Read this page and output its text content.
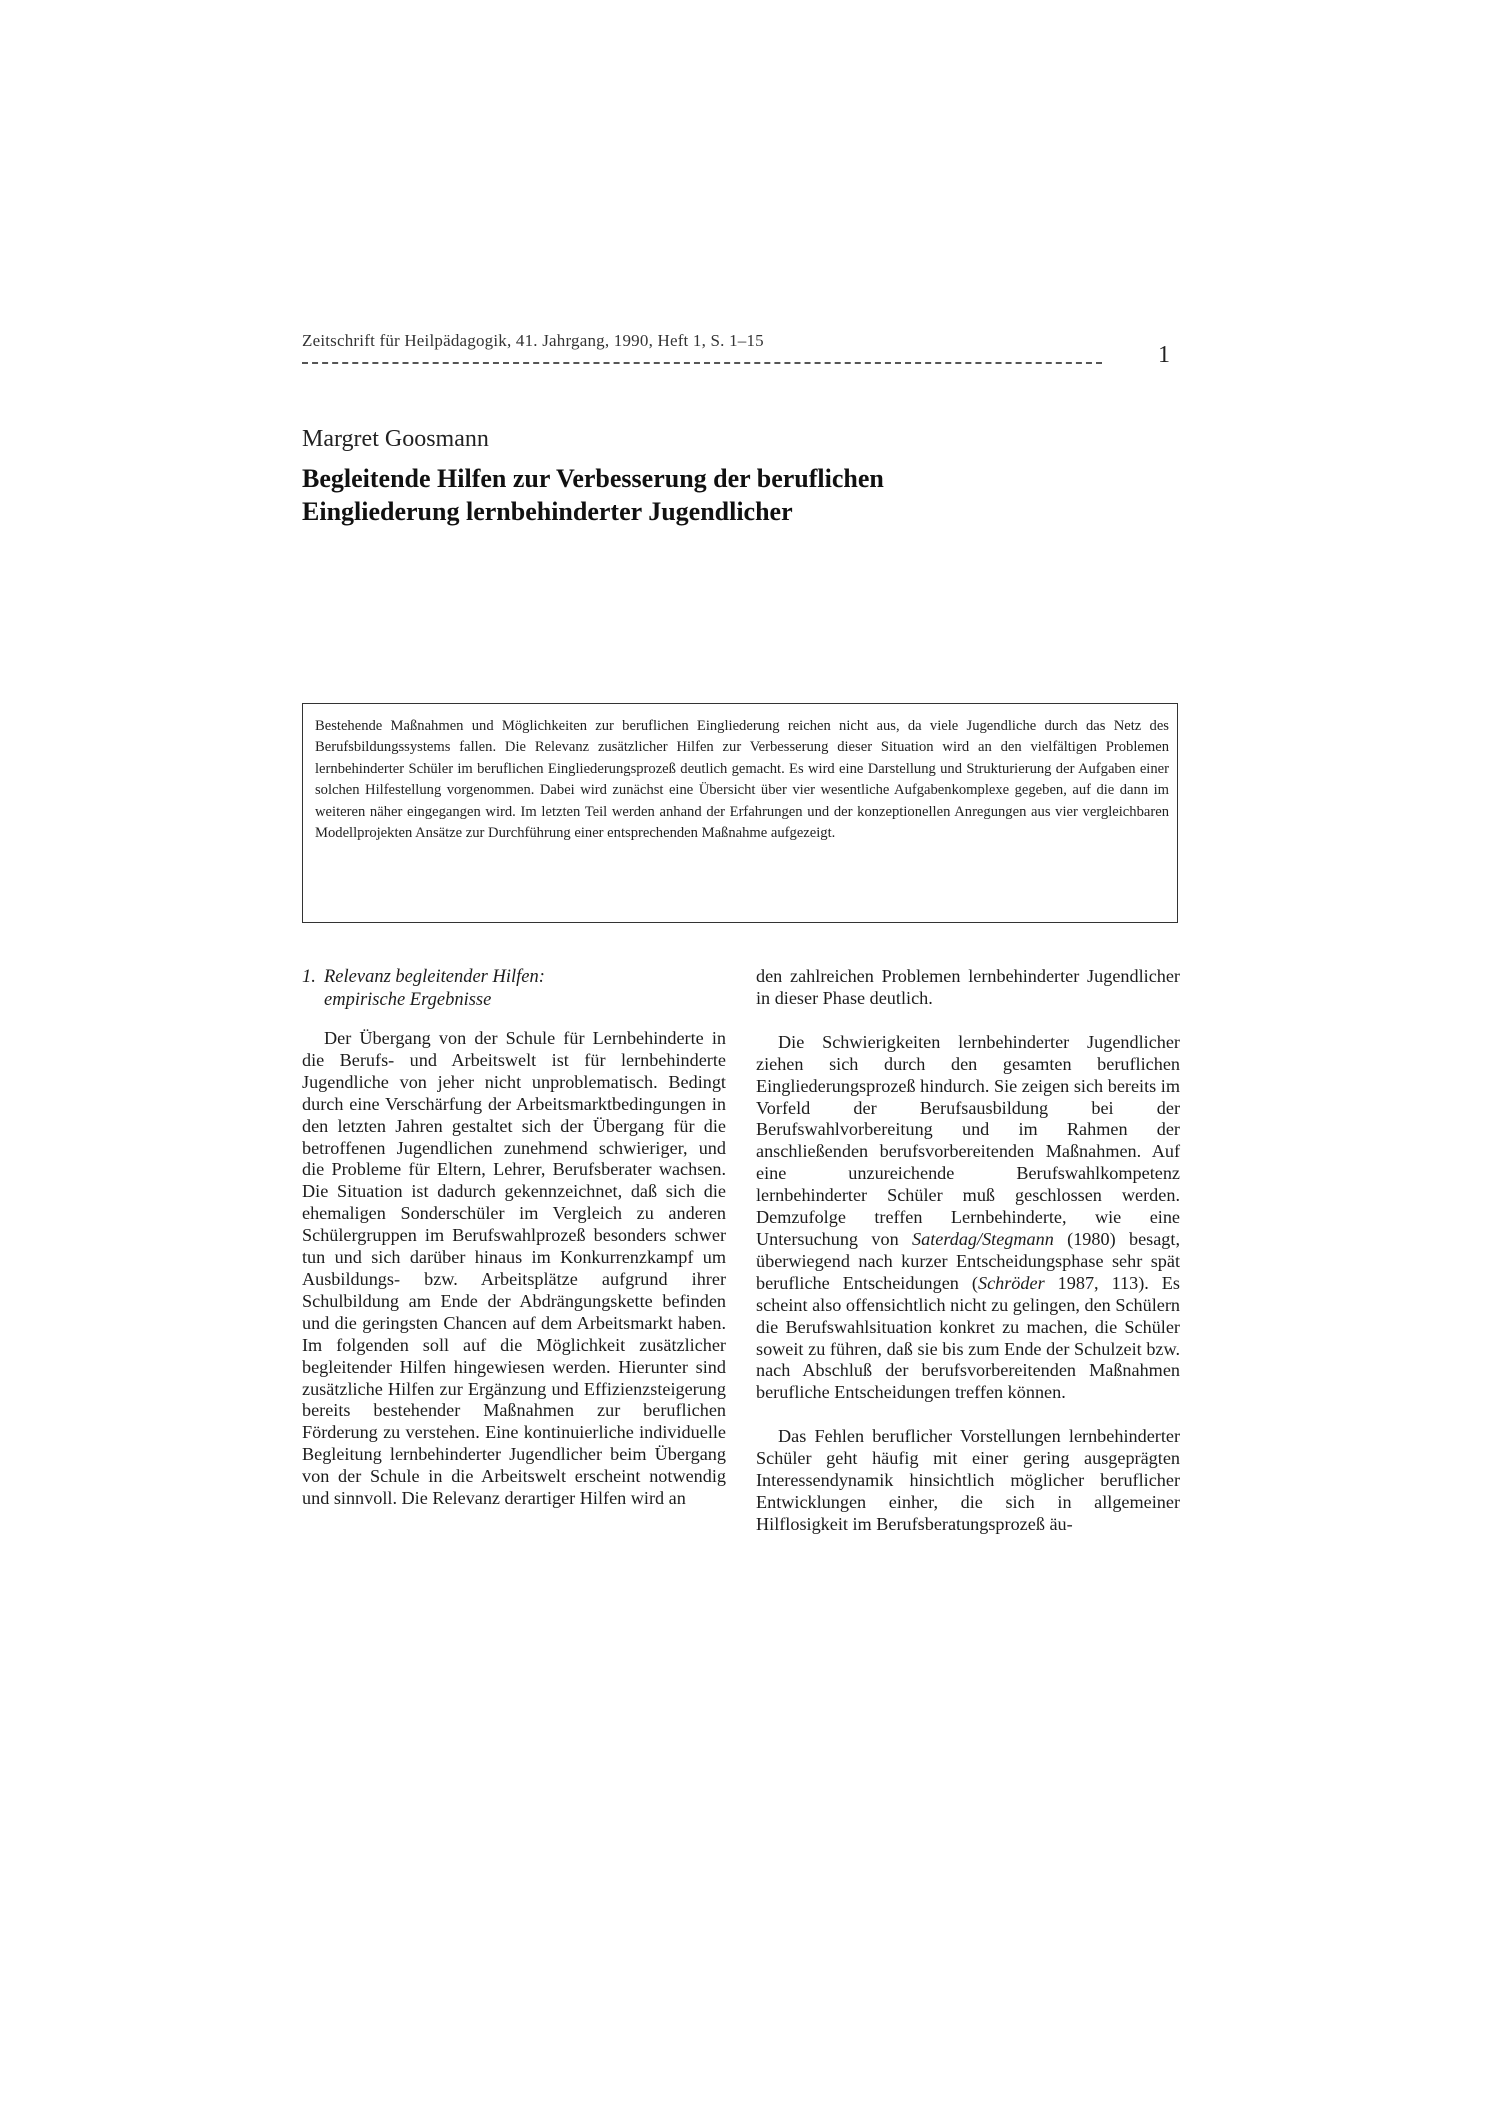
Zeitschrift für Heilpädagogik, 41. Jahrgang, 1990, Heft 1, S. 1–15
1
Margret Goosmann
Begleitende Hilfen zur Verbesserung der beruflichen
Eingliederung lernbehinderter Jugendlicher
Bestehende Maßnahmen und Möglichkeiten zur beruflichen Eingliederung reichen nicht aus, da viele Jugendliche durch das Netz des Berufsbildungssystems fallen. Die Relevanz zusätzlicher Hilfen zur Verbesserung dieser Situation wird an den vielfältigen Problemen lernbehinderter Schüler im beruflichen Eingliederungsprozeß deutlich gemacht. Es wird eine Darstellung und Strukturierung der Aufgaben einer solchen Hilfestellung vorgenommen. Dabei wird zunächst eine Übersicht über vier wesentliche Aufgabenkomplexe gegeben, auf die dann im weiteren näher eingegangen wird. Im letzten Teil werden anhand der Erfahrungen und der konzeptionellen Anregungen aus vier vergleichbaren Modellprojekten Ansätze zur Durchführung einer entsprechenden Maßnahme aufgezeigt.
1. Relevanz begleitender Hilfen:
empirische Ergebnisse

Der Übergang von der Schule für Lernbehinderte in die Berufs- und Arbeitswelt ist für lernbehinderte Jugendliche von jeher nicht unproblematisch. Bedingt durch eine Verschärfung der Arbeitsmarktbedingungen in den letzten Jahren gestaltet sich der Übergang für die betroffenen Jugendlichen zunehmend schwieriger, und die Probleme für Eltern, Lehrer, Berufsberater wachsen. Die Situation ist dadurch gekennzeichnet, daß sich die ehemaligen Sonderschüler im Vergleich zu anderen Schülergruppen im Berufswahlprozeß besonders schwer tun und sich darüber hinaus im Konkurrenzkampf um Ausbildungs- bzw. Arbeitsplätze aufgrund ihrer Schulbildung am Ende der Abdrängungskette befinden und die geringsten Chancen auf dem Arbeitsmarkt haben. Im folgenden soll auf die Möglichkeit zusätzlicher begleitender Hilfen hingewiesen werden. Hierunter sind zusätzliche Hilfen zur Ergänzung und Effizienzsteigerung bereits bestehender Maßnahmen zur beruflichen Förderung zu verstehen. Eine kontinuierliche individuelle Begleitung lernbehinderter Jugendlicher beim Übergang von der Schule in die Arbeitswelt erscheint notwendig und sinnvoll. Die Relevanz derartiger Hilfen wird an

den zahlreichen Problemen lernbehinderter Jugendlicher in dieser Phase deutlich.

Die Schwierigkeiten lernbehinderter Jugendlicher ziehen sich durch den gesamten beruflichen Eingliederungsprozeß hindurch. Sie zeigen sich bereits im Vorfeld der Berufsausbildung bei der Berufswahlvorbereitung und im Rahmen der anschließenden berufsvorbereitenden Maßnahmen. Auf eine unzureichende Berufswahlkompetenz lernbehinderter Schüler muß geschlossen werden. Demzufolge treffen Lernbehinderte, wie eine Untersuchung von Saterdag/Stegmann (1980) besagt, überwiegend nach kurzer Entscheidungsphase sehr spät berufliche Entscheidungen (Schröder 1987, 113). Es scheint also offensichtlich nicht zu gelingen, den Schülern die Berufswahlsituation konkret zu machen, die Schüler soweit zu führen, daß sie bis zum Ende der Schulzeit bzw. nach Abschluß der berufsvorbereitenden Maßnahmen berufliche Entscheidungen treffen können.

Das Fehlen beruflicher Vorstellungen lernbehinderter Schüler geht häufig mit einer gering ausgeprägten Interessendynamik hinsichtlich möglicher beruflicher Entwicklungen einher, die sich in allgemeiner Hilflosigkeit im Berufsberatungsprozeß äu-
